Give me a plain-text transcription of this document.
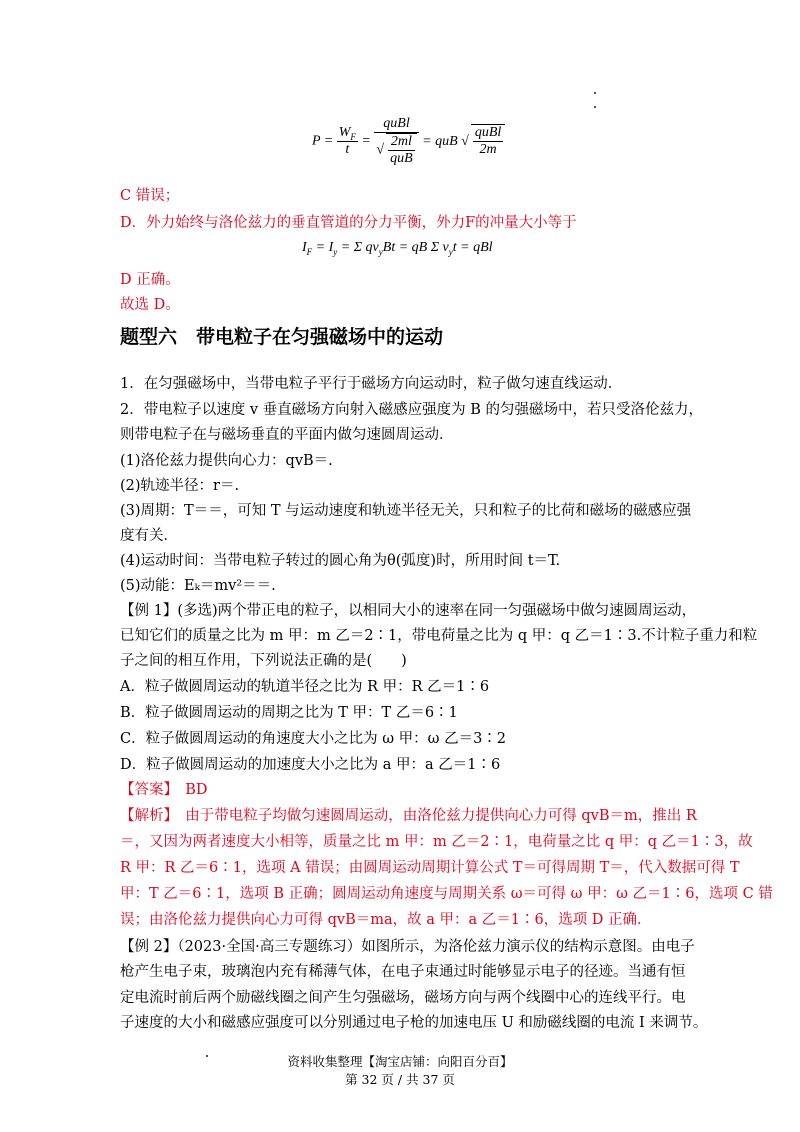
$P = \frac{W_F}{t} = \frac{\text{quBl}}{√ \frac{2ml}{\text{quB}}}$ = quB √ $\frac{\text{quBl}}{2m}$
C 错误；
D．外力始终与洛伦兹力的垂直管道的分力平衡，外力F的冲量大小等于
$I_F = I_y = \Sigma$ $qv_yBt$ = qB Σ $v_yt$ = qBl
D 正确。
故选 D。
题型六　带电粒子在匀强磁场中的运动
1．在匀强磁场中，当带电粒子平行于磁场方向运动时，粒子做匀速直线运动．
2．带电粒子以速度 v 垂直磁场方向射入磁感应强度为 B 的匀强磁场中，若只受洛伦兹力，
则带电粒子在与磁场垂直的平面内做匀速圆周运动．
(1)洛伦兹力提供向心力：qvB＝.
(2)轨迹半径：r＝.
(3)周期：T＝＝，可知 T 与运动速度和轨迹半径无关，只和粒子的比荷和磁场的磁感应强
度有关．
(4)运动时间：当带电粒子转过的圆心角为θ(弧度)时，所用时间 t＝T.
(5)动能：Eₖ＝mv²＝＝.
【例 1】(多选)两个带正电的粒子，以相同大小的速率在同一匀强磁场中做匀速圆周运动，
已知它们的质量之比为 m 甲：m 乙＝2∶1，带电荷量之比为 q 甲：q 乙＝1∶3.不计粒子重力和粒
子之间的相互作用，下列说法正确的是(　　)
A．粒子做圆周运动的轨道半径之比为 R 甲：R 乙＝1∶6
B．粒子做圆周运动的周期之比为 T 甲：T 乙＝6∶1
C．粒子做圆周运动的角速度大小之比为 ω 甲：ω 乙＝3∶2
D．粒子做圆周运动的加速度大小之比为 a 甲：a 乙＝1∶6
【答案】　BD
【解析】　由于带电粒子均做匀速圆周运动，由洛伦兹力提供向心力可得 qvB＝m，推出 R
＝，又因为两者速度大小相等，质量之比 m 甲：m 乙＝2∶1，电荷量之比 q 甲：q 乙＝1∶3，故
R 甲：R 乙＝6∶1，选项 A 错误；由圆周运动周期计算公式 T＝可得周期 T＝，代入数据可得 T
甲：T 乙＝6∶1，选项 B 正确；圆周运动角速度与周期关系 ω＝可得 ω 甲：ω 乙＝1∶6，选项 C 错
误；由洛伦兹力提供向心力可得 qvB＝ma，故 a 甲：a 乙＝1∶6，选项 D 正确．
【例 2】（2023·全国·高三专题练习）如图所示，为洛伦兹力演示仪的结构示意图。由电子
枪产生电子束，玻璃泡内充有稀薄气体，在电子束通过时能够显示电子的径迹。当通有恒
定电流时前后两个励磁线圈之间产生匀强磁场，磁场方向与两个线圈中心的连线平行。电
子速度的大小和磁感应强度可以分别通过电子枪的加速电压 U 和励磁线圈的电流 I 来调节。
资料收集整理【淘宝店铺：向阳百分百】
第 32 页 / 共 37 页
